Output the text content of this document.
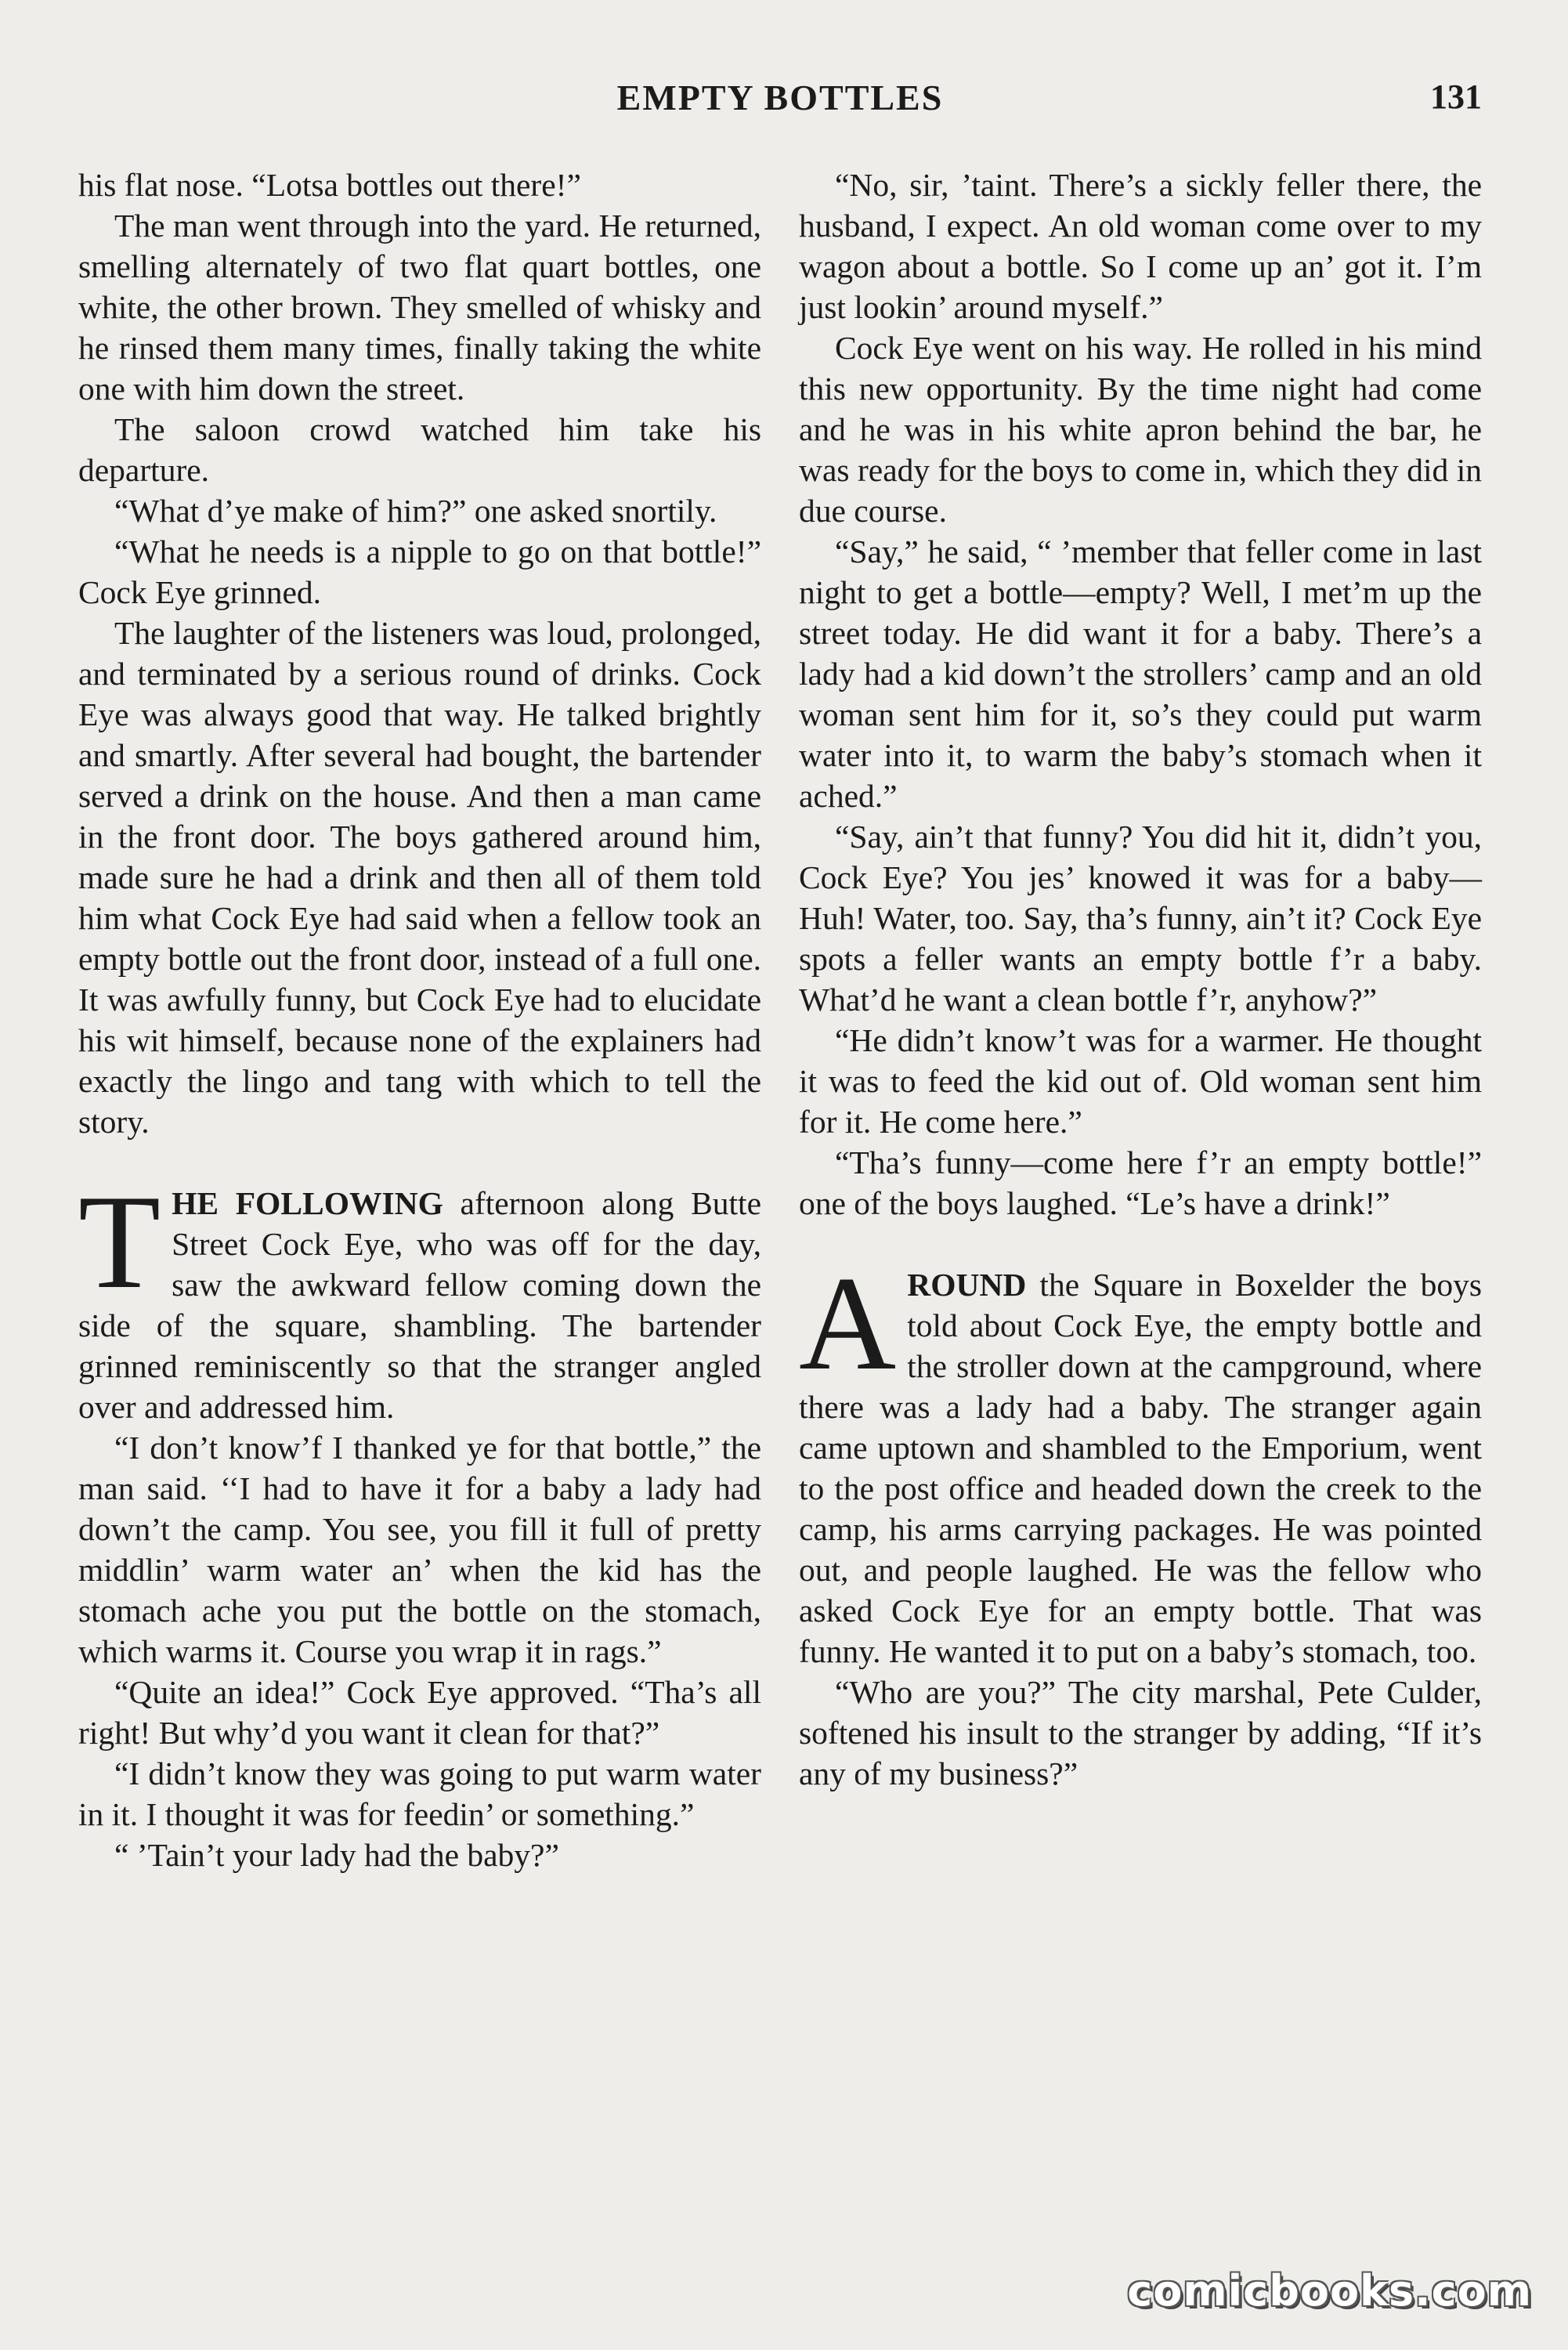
EMPTY BOTTLES	131

his flat nose. “Lotsa bottles out there!”

The man went through into the yard. He returned, smelling alternately of two flat quart bottles, one white, the other brown. They smelled of whisky and he rinsed them many times, finally taking the white one with him down the street.

The saloon crowd watched him take his departure.

“What d’ye make of him?” one asked snortily.

“What he needs is a nipple to go on that bottle!” Cock Eye grinned.

The laughter of the listeners was loud, prolonged, and terminated by a serious round of drinks. Cock Eye was always good that way. He talked brightly and smartly. After several had bought, the bartender served a drink on the house. And then a man came in the front door. The boys gathered around him, made sure he had a drink and then all of them told him what Cock Eye had said when a fellow took an empty bottle out the front door, instead of a full one. It was awfully funny, but Cock Eye had to elucidate his wit himself, because none of the explainers had exactly the lingo and tang with which to tell the story.

THE FOLLOWING afternoon along Butte Street Cock Eye, who was off for the day, saw the awkward fellow coming down the side of the square, shambling. The bartender grinned reminiscently so that the stranger angled over and addressed him.

“I don’t know’f I thanked ye for that bottle,” the man said. ‘‘I had to have it for a baby a lady had down’t the camp. You see, you fill it full of pretty middlin’ warm water an’ when the kid has the stomach ache you put the bottle on the stomach, which warms it. Course you wrap it in rags.”

“Quite an idea!” Cock Eye approved. “Tha’s all right! But why’d you want it clean for that?”

“I didn’t know they was going to put warm water in it. I thought it was for feedin’ or something.”

“ ’Tain’t your lady had the baby?”

“No, sir, ’taint. There’s a sickly feller there, the husband, I expect. An old woman come over to my wagon about a bottle. So I come up an’ got it. I’m just lookin’ around myself.”

Cock Eye went on his way. He rolled in his mind this new opportunity. By the time night had come and he was in his white apron behind the bar, he was ready for the boys to come in, which they did in due course.

“Say,” he said, “ ’member that feller come in last night to get a bottle—empty? Well, I met’m up the street today. He did want it for a baby. There’s a lady had a kid down’t the strollers’ camp and an old woman sent him for it, so’s they could put warm water into it, to warm the baby’s stomach when it ached.”

“Say, ain’t that funny? You did hit it, didn’t you, Cock Eye? You jes’ knowed it was for a baby— Huh! Water, too. Say, tha’s funny, ain’t it? Cock Eye spots a feller wants an empty bottle f’r a baby. What’d he want a clean bottle f’r, anyhow?”

“He didn’t know’t was for a warmer. He thought it was to feed the kid out of. Old woman sent him for it. He come here.”

“Tha’s funny—come here f’r an empty bottle!” one of the boys laughed. “Le’s have a drink!”

AROUND the Square in Boxelder the boys told about Cock Eye, the empty bottle and the stroller down at the campground, where there was a lady had a baby. The stranger again came uptown and shambled to the Emporium, went to the post office and headed down the creek to the camp, his arms carrying packages. He was pointed out, and people laughed. He was the fellow who asked Cock Eye for an empty bottle. That was funny. He wanted it to put on a baby’s stomach, too.

“Who are you?” The city marshal, Pete Culder, softened his insult to the stranger by adding, “If it’s any of my business?”

comicbooks.com
